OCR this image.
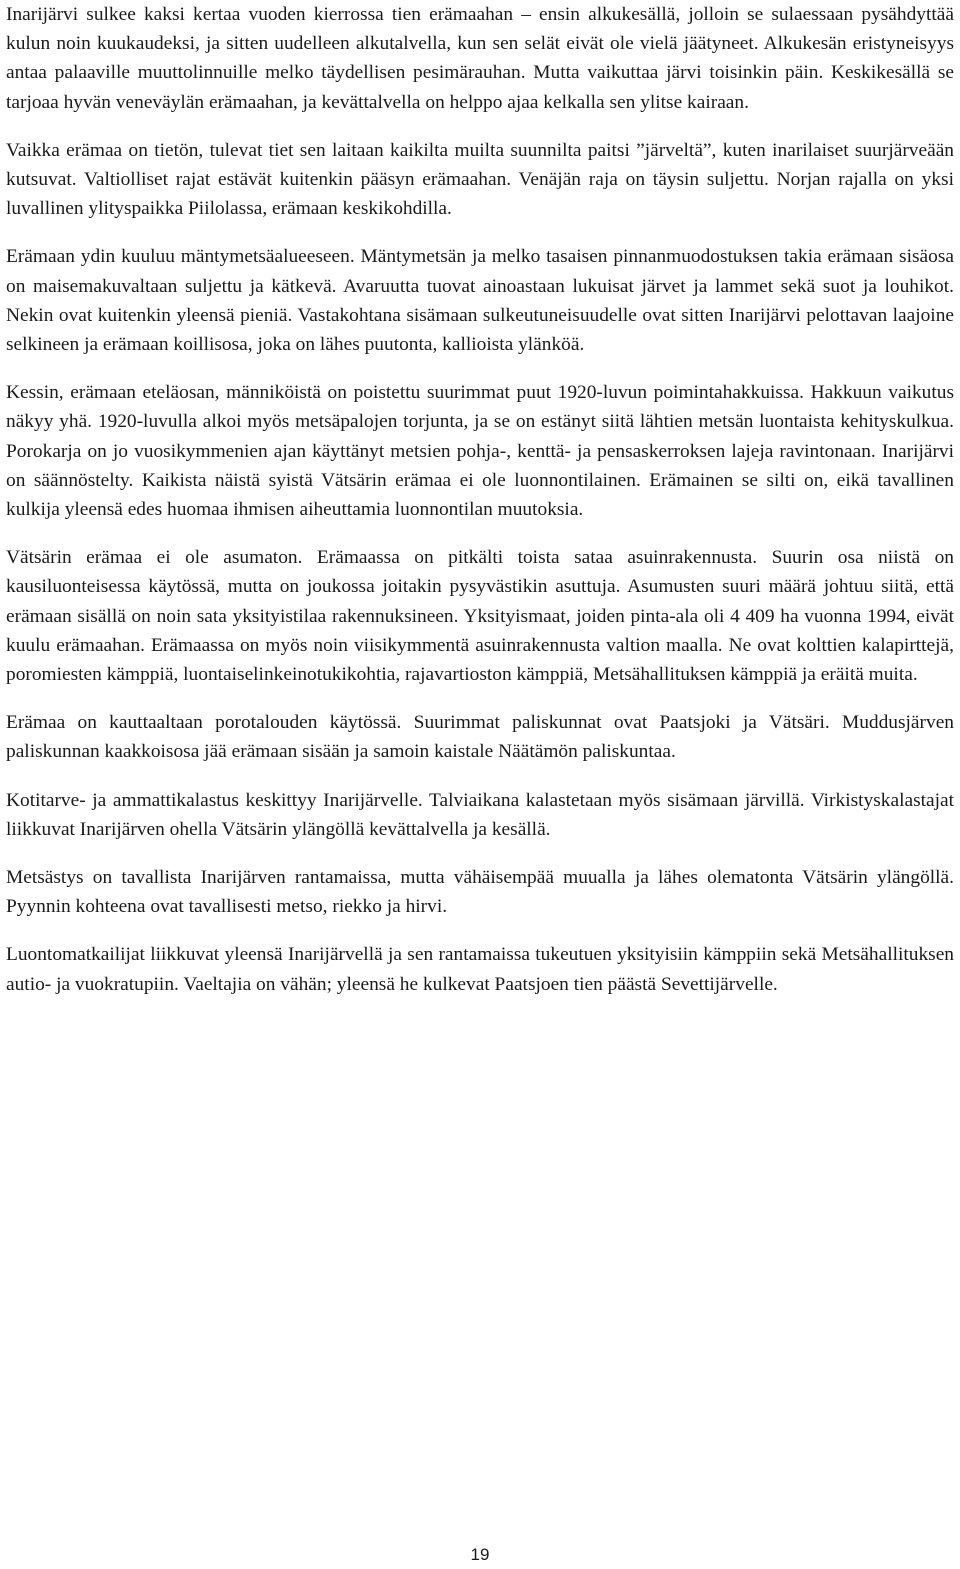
Inarijärvi sulkee kaksi kertaa vuoden kierrossa tien erämaahan – ensin alkukesällä, jolloin se sulaessaan pysähdyttää kulun noin kuukaudeksi, ja sitten uudelleen alkutalvella, kun sen selät eivät ole vielä jäätyneet. Alkukesän eristyneisyys antaa palaaville muuttolinnuille melko täydellisen pesimärauhan. Mutta vaikuttaa järvi toisinkin päin. Keskikesällä se tarjoaa hyvän veneväylän erämaahan, ja kevättalvella on helppo ajaa kelkalla sen ylitse kairaan.

Vaikka erämaa on tietön, tulevat tiet sen laitaan kaikilta muilta suunnilta paitsi ”järveltä”, kuten inarilaiset suurjärveään kutsuvat. Valtiolliset rajat estävät kuitenkin pääsyn erämaahan. Venäjän raja on täysin suljettu. Norjan rajalla on yksi luvallinen ylityspaikka Piilolassa, erämaan keskikohdilla.

Erämaan ydin kuuluu mäntymetsäalueeseen. Mäntymetsän ja melko tasaisen pinnanmuodostuksen takia erämaan sisäosa on maisemakuvaltaan suljettu ja kätkevä. Avaruutta tuovat ainoastaan lukuisat järvet ja lammet sekä suot ja louhikot. Nekin ovat kuitenkin yleensä pieniä. Vastakohtana sisämaan sulkeutuneisuudelle ovat sitten Inarijärvi pelottavan laajoine selkineen ja erämaan koillisosa, joka on lähes puutonta, kallioista ylänköä.

Kessin, erämaan eteläosan, männiköistä on poistettu suurimmat puut 1920-luvun poimintahakkuissa. Hakkuun vaikutus näkyy yhä. 1920-luvulla alkoi myös metsäpalojen torjunta, ja se on estänyt siitä lähtien metsän luontaista kehityskulkua. Porokarja on jo vuosikymmenien ajan käyttänyt metsien pohja-, kenttä- ja pensaskerroksen lajeja ravintonaan. Inarijärvi on säännöstelty. Kaikista näistä syistä Vätsärin erämaa ei ole luonnontilainen. Erämainen se silti on, eikä tavallinen kulkija yleensä edes huomaa ihmisen aiheuttamia luonnontilan muutoksia.

Vätsärin erämaa ei ole asumaton. Erämaassa on pitkälti toista sataa asuinrakennusta. Suurin osa niistä on kausiluonteisessa käytössä, mutta on joukossa joitakin pysyvästikin asuttuja. Asumusten suuri määrä johtuu siitä, että erämaan sisällä on noin sata yksityistilaa rakennuksineen. Yksityismaat, joiden pinta-ala oli 4 409 ha vuonna 1994, eivät kuulu erämaahan. Erämaassa on myös noin viisikymmentä asuinrakennusta valtion maalla. Ne ovat kolttien kalapirttejä, poromiesten kämppiä, luontaiselinkeinotukikohtia, rajavartioston kämppiä, Metsähallituksen kämppiä ja eräitä muita.

Erämaa on kauttaaltaan porotalouden käytössä. Suurimmat paliskunnat ovat Paatsjoki ja Vätsäri. Muddusjärven paliskunnan kaakkoisosa jää erämaan sisään ja samoin kaistale Näätämön paliskuntaa.

Kotitarve- ja ammattikalastus keskittyy Inarijärvelle. Talviaikana kalastetaan myös sisämaan järvillä. Virkistyskalastajat liikkuvat Inarijärven ohella Vätsärin ylängöllä kevättalvella ja kesällä.

Metsästys on tavallista Inarijärven rantamaissa, mutta vähäisempää muualla ja lähes olematonta Vätsärin ylängöllä. Pyynnin kohteena ovat tavallisesti metso, riekko ja hirvi.

Luontomatkailijat liikkuvat yleensä Inarijärvellä ja sen rantamaissa tukeutuen yksityisiin kämppiin sekä Metsähallituksen autio- ja vuokratupiin. Vaeltajia on vähän; yleensä he kulkevat Paatsjoen tien päästä Sevettijärvelle.

19
